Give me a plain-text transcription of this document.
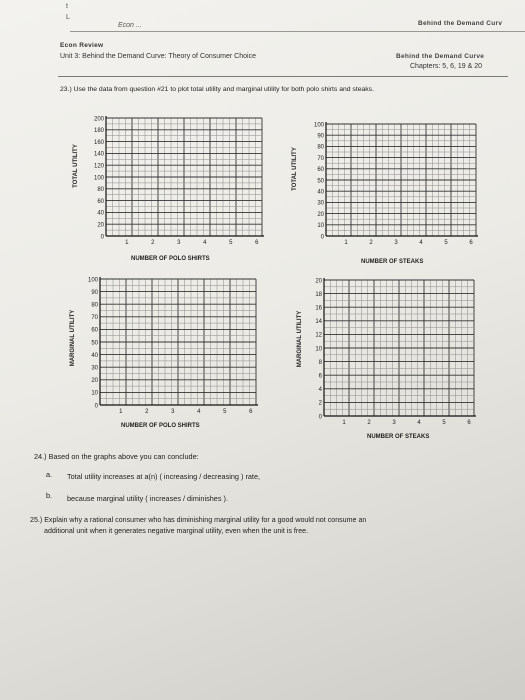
t
L
Econ ...	Behind the Demand Curv
Econ Review
Unit 3: Behind the Demand Curve: Theory of Consumer Choice	Behind the Demand Curve
Chapters: 5, 6, 19 & 20
23.) Use the data from question #21 to plot total utility and marginal utility for both polo shirts and steaks.
TOTAL UTILITY
200
180
160
140
120
100
80
60
40
20
0
1	2	3	4	5	6
NUMBER OF POLO SHIRTS
TOTAL UTILITY
100
90
80
70
60
50
40
30
20
10
0
1	2	3	4	5	6
NUMBER OF STEAKS
MARGINAL UTILITY
100
90
80
70
60
50
40
30
20
10
0
1	2	3	4	5	6
NUMBER OF POLO SHIRTS
MARGINAL UTILITY
20
18
16
14
12
10
8
6
4
2
0
1	2	3	4	5	6
NUMBER OF STEAKS
24.) Based on the graphs above you can conclude:
a. Total utility increases at a(n) ( increasing / decreasing ) rate,
b. because marginal utility ( increases / diminishes ).
25.) Explain why a rational consumer who has diminishing marginal utility for a good would not consume an
additional unit when it generates negative marginal utility, even when the unit is free.
